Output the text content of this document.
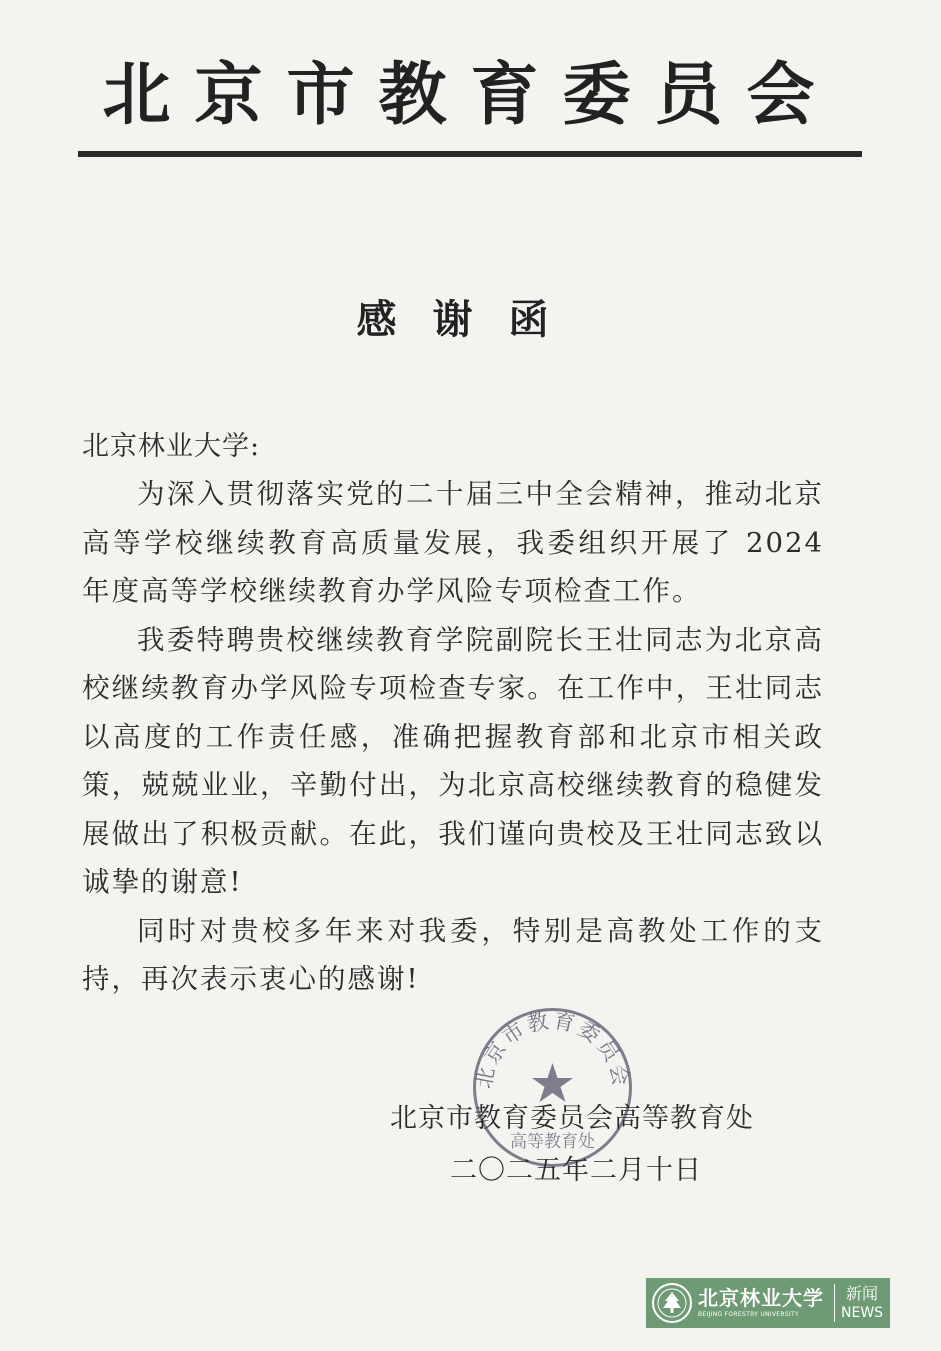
北京市教育委员会
感谢函
北京林业大学:

为深入贯彻落实党的二十届三中全会精神，推动北京高等学校继续教育高质量发展，我委组织开展了 2024 年度高等学校继续教育办学风险专项检查工作。

我委特聘贵校继续教育学院副院长王壮同志为北京高校继续教育办学风险专项检查专家。在工作中，王壮同志以高度的工作责任感，准确把握教育部和北京市相关政策，兢兢业业，辛勤付出，为北京高校继续教育的稳健发展做出了积极贡献。在此，我们谨向贵校及王壮同志致以诚挚的谢意!

同时对贵校多年来对我委，特别是高教处工作的支持，再次表示衷心的感谢!

北京市教育委员会
高等教育处
北京市教育委员会高等教育处
二〇二五年二月十日
北京林业大学
BEIJING FORESTRY UNIVERSITY
新闻
NEWS
